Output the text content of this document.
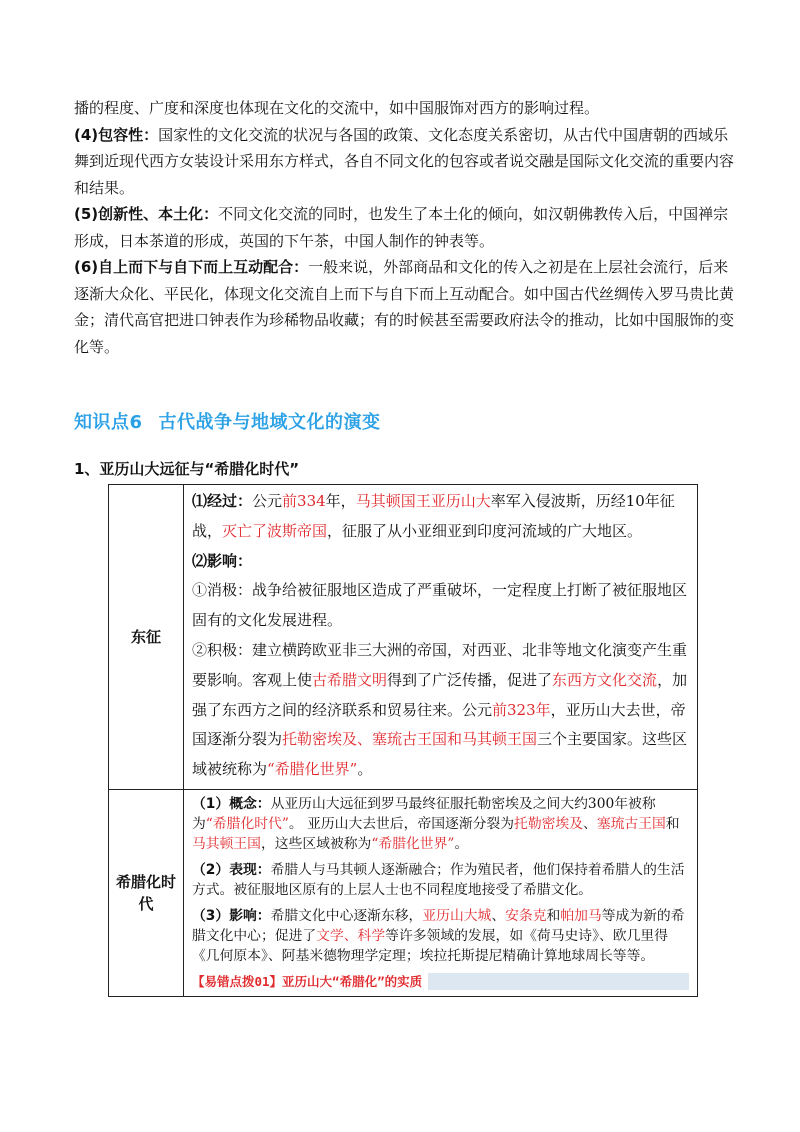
播的程度、广度和深度也体现在文化的交流中，如中国服饰对西方的影响过程。
(4)包容性：国家性的文化交流的状况与各国的政策、文化态度关系密切，从古代中国唐朝的西域乐舞到近现代西方女装设计采用东方样式，各自不同文化的包容或者说交融是国际文化交流的重要内容和结果。
(5)创新性、本土化：不同文化交流的同时，也发生了本土化的倾向，如汉朝佛教传入后，中国禅宗形成，日本茶道的形成，英国的下午茶，中国人制作的钟表等。
(6)自上而下与自下而上互动配合：一般来说，外部商品和文化的传入之初是在上层社会流行，后来逐渐大众化、平民化，体现文化交流自上而下与自下而上互动配合。如中国古代丝绸传入罗马贵比黄金；清代高官把进口钟表作为珍稀物品收藏；有的时候甚至需要政府法令的推动，比如中国服饰的变化等。
知识点6 古代战争与地域文化的演变
1、亚历山大远征与“希腊化时代”
东征	⑴经过：公元前334年，马其顿国王亚历山大率军入侵波斯，历经10年征战，灭亡了波斯帝国，征服了从小亚细亚到印度河流域的广大地区。
⑵影响：
①消极：战争给被征服地区造成了严重破坏，一定程度上打断了被征服地区固有的文化发展进程。
②积极：建立横跨欧亚非三大洲的帝国，对西亚、北非等地文化演变产生重要影响。客观上使古希腊文明得到了广泛传播，促进了东西方文化交流，加强了东西方之间的经济联系和贸易往来。公元前323年，亚历山大去世，帝国逐渐分裂为托勒密埃及、塞琉古王国和马其顿王国三个主要国家。这些区域被统称为“希腊化世界”。

希腊化时代	（1）概念：从亚历山大远征到罗马最终征服托勒密埃及之间大约300年被称为“希腊化时代”。 亚历山大去世后，帝国逐渐分裂为托勒密埃及、塞琉古王国和马其顿王国，这些区域被称为“希腊化世界”。
（2）表现：希腊人与马其顿人逐渐融合；作为殖民者，他们保持着希腊人的生活方式。被征服地区原有的上层人士也不同程度地接受了希腊文化。
（3）影响：希腊文化中心逐渐东移，亚历山大城、安条克和帕加马等成为新的希腊文化中心；促进了文学、科学等许多领域的发展，如《荷马史诗》、欧几里得《几何原本》、阿基米德物理学定理；埃拉托斯提尼精确计算地球周长等等。
【易错点拨01】亚历山大“希腊化”的实质
